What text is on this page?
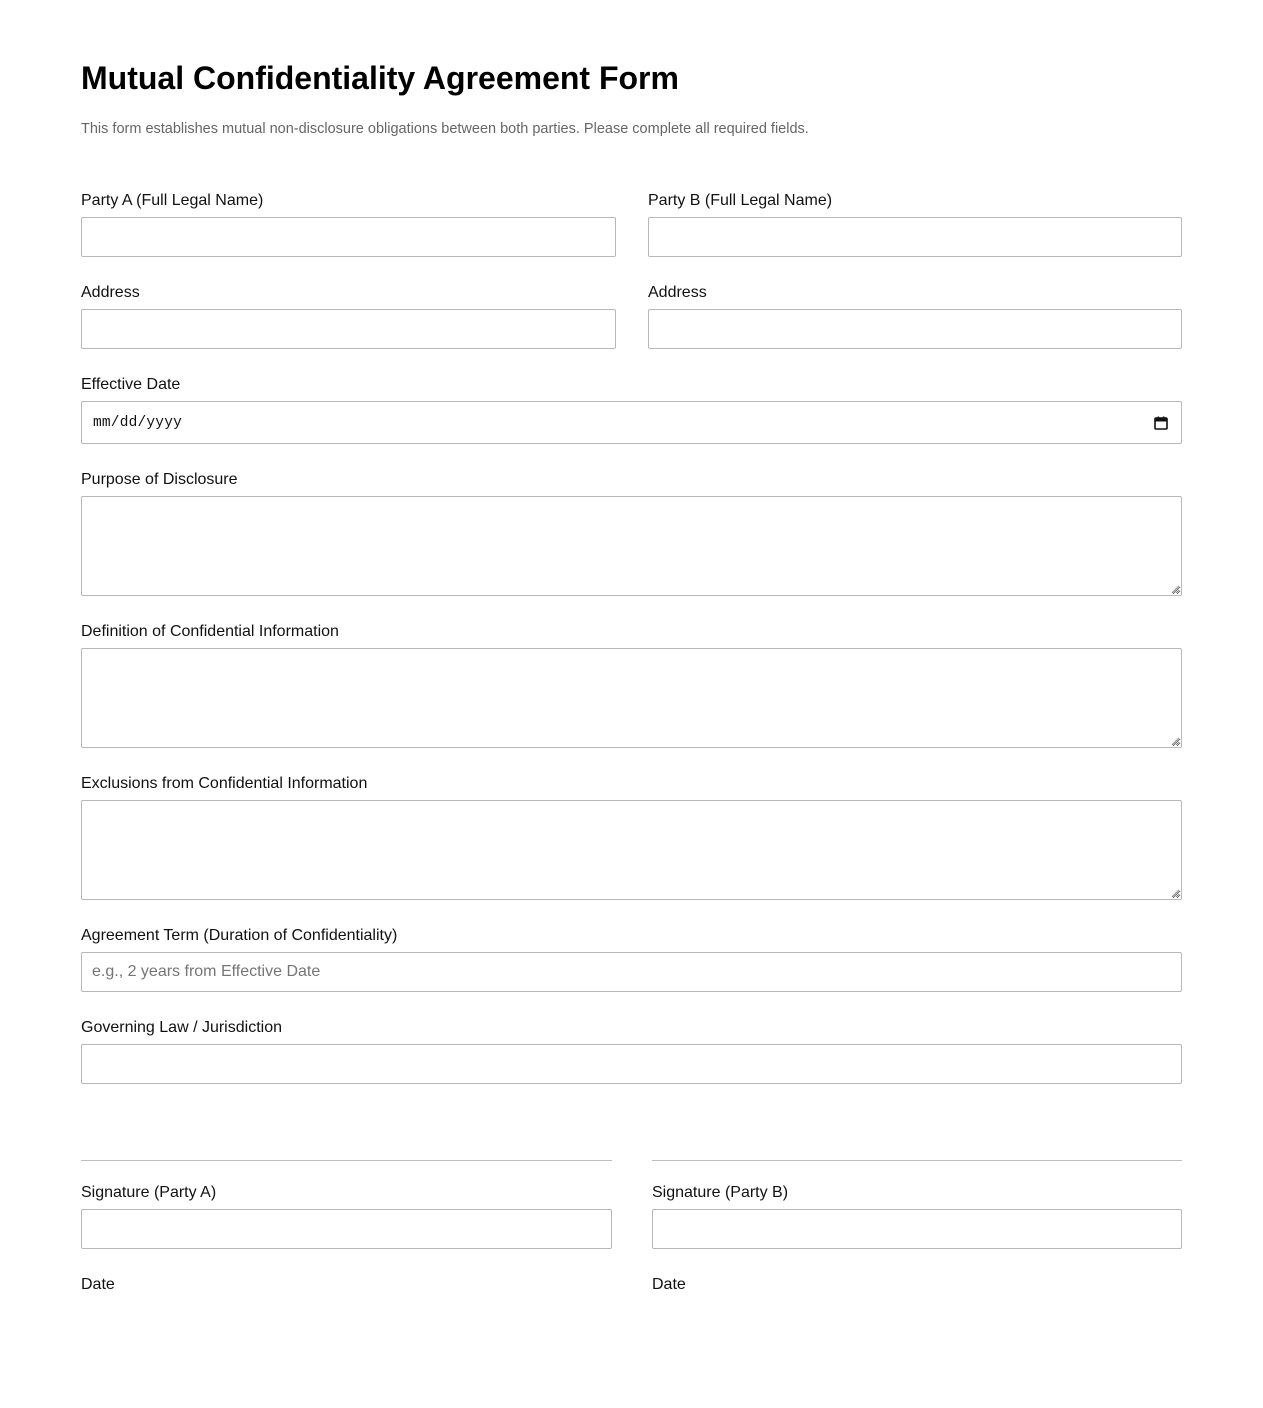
Mutual Confidentiality Agreement Form

This form establishes mutual non-disclosure obligations between both parties. Please complete all required fields.

Party A (Full Legal Name)	Party B (Full Legal Name)
Address	Address
Effective Date
mm/dd/yyyy
Purpose of Disclosure
Definition of Confidential Information
Exclusions from Confidential Information
Agreement Term (Duration of Confidentiality)
e.g., 2 years from Effective Date
Governing Law / Jurisdiction
Signature (Party A)	Signature (Party B)
Date	Date
